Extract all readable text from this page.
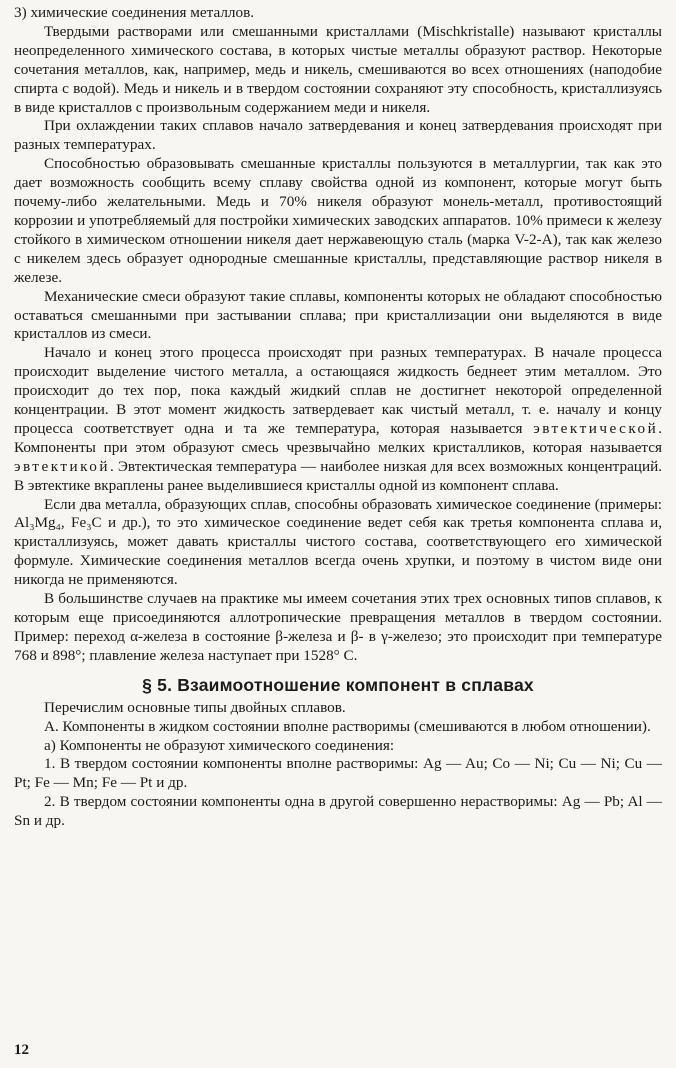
3) химические соединения металлов.

Твердыми растворами или смешанными кристаллами (Mischkristalle) называют кристаллы неопределенного химического состава, в которых чистые металлы образуют раствор. Некоторые сочетания металлов, как, например, медь и никель, смешиваются во всех отношениях (наподобие спирта с водой). Медь и никель и в твердом состоянии сохраняют эту способность, кристаллизуясь в виде кристаллов с произвольным содержанием меди и никеля.

При охлаждении таких сплавов начало затвердевания и конец затвердевания происходят при разных температурах.

Способностью образовывать смешанные кристаллы пользуются в металлургии, так как это дает возможность сообщить всему сплаву свойства одной из компонент, которые могут быть почему-либо желательными. Медь и 70% никеля образуют монель-металл, противостоящий коррозии и употребляемый для постройки химических заводских аппаратов. 10% примеси к железу стойкого в химическом отношении никеля дает нержавеющую сталь (марка V-2-A), так как железо с никелем здесь образует однородные смешанные кристаллы, представляющие раствор никеля в железе.

Механические смеси образуют такие сплавы, компоненты которых не обладают способностью оставаться смешанными при застывании сплава; при кристаллизации они выделяются в виде кристаллов из смеси.

Начало и конец этого процесса происходят при разных температурах. В начале процесса происходит выделение чистого металла, а остающаяся жидкость беднеет этим металлом. Это происходит до тех пор, пока каждый жидкий сплав не достигнет некоторой определенной концентрации. В этот момент жидкость затвердевает как чистый металл, т. е. началу и концу процесса соответствует одна и та же температура, которая называется эвтектической. Компоненты при этом образуют смесь чрезвычайно мелких кристалликов, которая называется эвтектикой. Эвтектическая температура — наиболее низкая для всех возможных концентраций. В эвтектике вкраплены ранее выделившиеся кристаллы одной из компонент сплава.

Если два металла, образующих сплав, способны образовать химическое соединение (примеры: Al₃Mg₄, Fe₃C и др.), то это химическое соединение ведет себя как третья компонента сплава и, кристаллизуясь, может давать кристаллы чистого состава, соответствующего его химической формуле. Химические соединения металлов всегда очень хрупки, и поэтому в чистом виде они никогда не применяются.

В большинстве случаев на практике мы имеем сочетания этих трех основных типов сплавов, к которым еще присоединяются аллотропические превращения металлов в твердом состоянии. Пример: переход α-железа в состояние β-железа и β- в γ-железо; это происходит при температуре 768 и 898°; плавление железа наступает при 1528° C.

§ 5. Взаимоотношение компонент в сплавах

Перечислим основные типы двойных сплавов.

А. Компоненты в жидком состоянии вполне растворимы (смешиваются в любом отношении).

а) Компоненты не образуют химического соединения:

1. В твердом состоянии компоненты вполне растворимы: Ag — Au; Co — Ni; Cu — Ni; Cu — Pt; Fe — Mn; Fe — Pt и др.

2. В твердом состоянии компоненты одна в другой совершенно нерастворимы: Ag — Pb; Al — Sn и др.

12
